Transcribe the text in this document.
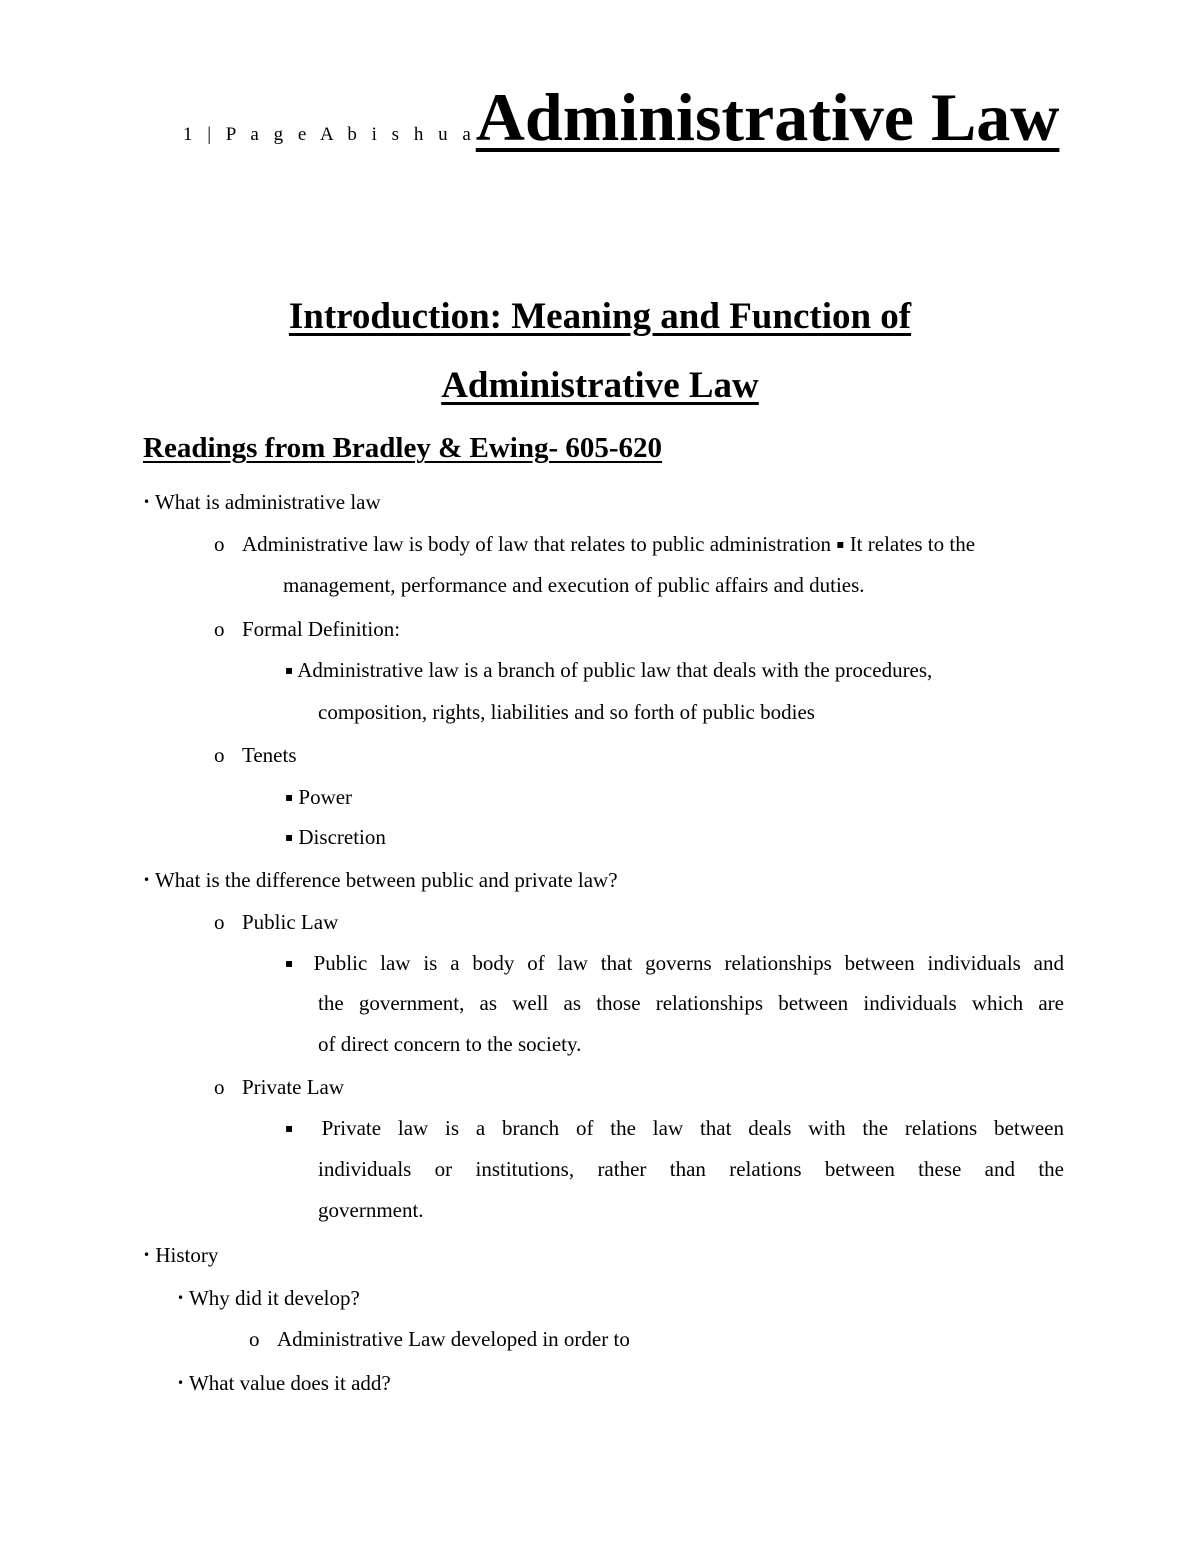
1 | P a g e A b i s h u aAdministrative Law
Introduction: Meaning and Function of
Administrative Law
Readings from Bradley & Ewing- 605-620
• What is administrative law
o Administrative law is body of law that relates to public administration ▪ It relates to the
management, performance and execution of public affairs and duties.
o Formal Definition:
▪ Administrative law is a branch of public law that deals with the procedures,
composition, rights, liabilities and so forth of public bodies
o Tenets
▪ Power
▪ Discretion
• What is the difference between public and private law?
o Public Law
▪ Public law is a body of law that governs relationships between individuals and
the government, as well as those relationships between individuals which are
of direct concern to the society.
o Private Law
▪ Private law is a branch of the law that deals with the relations between
individuals or institutions, rather than relations between these and the
government.
• History
• Why did it develop?
o Administrative Law developed in order to
• What value does it add?
